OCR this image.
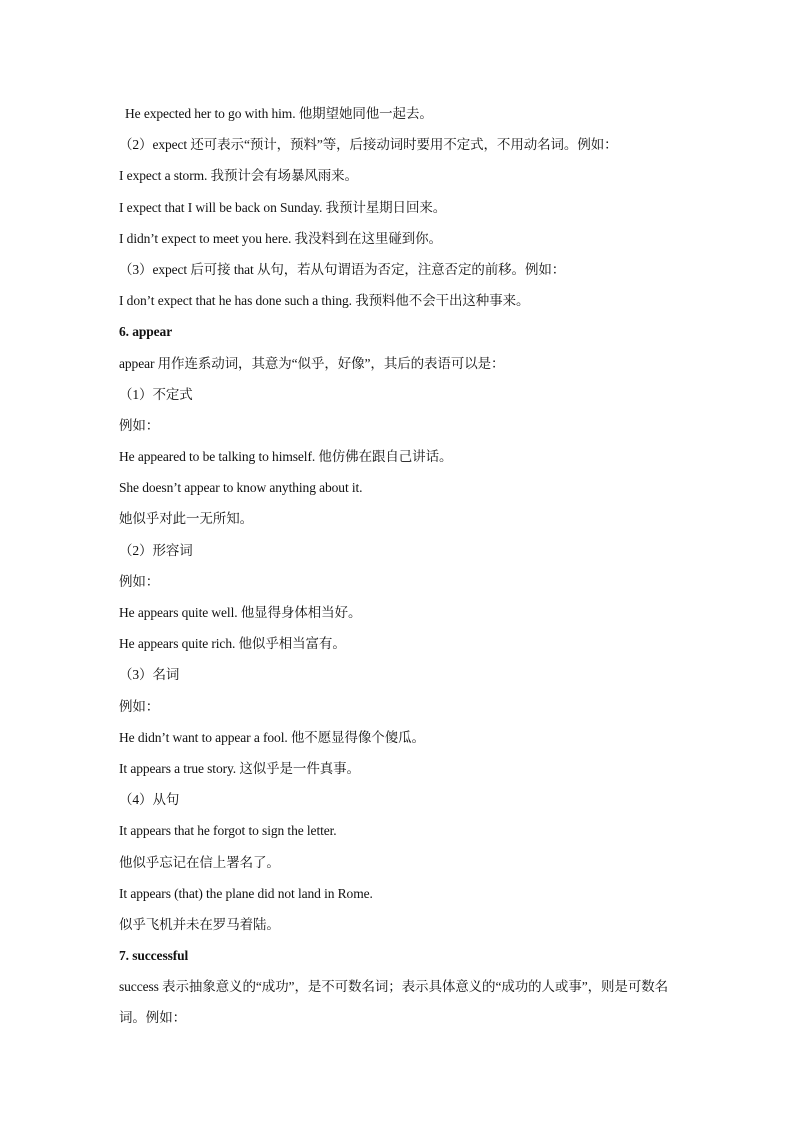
He expected her to go with him. 他期望她同他一起去。
（2）expect 还可表示“预计，预料”等，后接动词时要用不定式，不用动名词。例如：
I expect a storm. 我预计会有场暴风雨来。
I expect that I will be back on Sunday. 我预计星期日回来。
I didn’t expect to meet you here. 我没料到在这里碰到你。
（3）expect 后可接 that 从句，若从句谓语为否定，注意否定的前移。例如：
I don’t expect that he has done such a thing. 我预料他不会干出这种事来。
6. appear
appear 用作连系动词，其意为“似乎，好像”，其后的表语可以是：
（1）不定式
例如：
He appeared to be talking to himself. 他仿佛在跟自己讲话。
She doesn’t appear to know anything about it.
她似乎对此一无所知。
（2）形容词
例如：
He appears quite well. 他显得身体相当好。
He appears quite rich. 他似乎相当富有。
（3）名词
例如：
He didn’t want to appear a fool. 他不愿显得像个傻瓜。
It appears a true story. 这似乎是一件真事。
（4）从句
It appears that he forgot to sign the letter.
他似乎忘记在信上署名了。
It appears (that) the plane did not land in Rome.
似乎飞机并未在罗马着陆。
7. successful
success 表示抽象意义的“成功”，是不可数名词；表示具体意义的“成功的人或事”，则是可数名词。例如：
